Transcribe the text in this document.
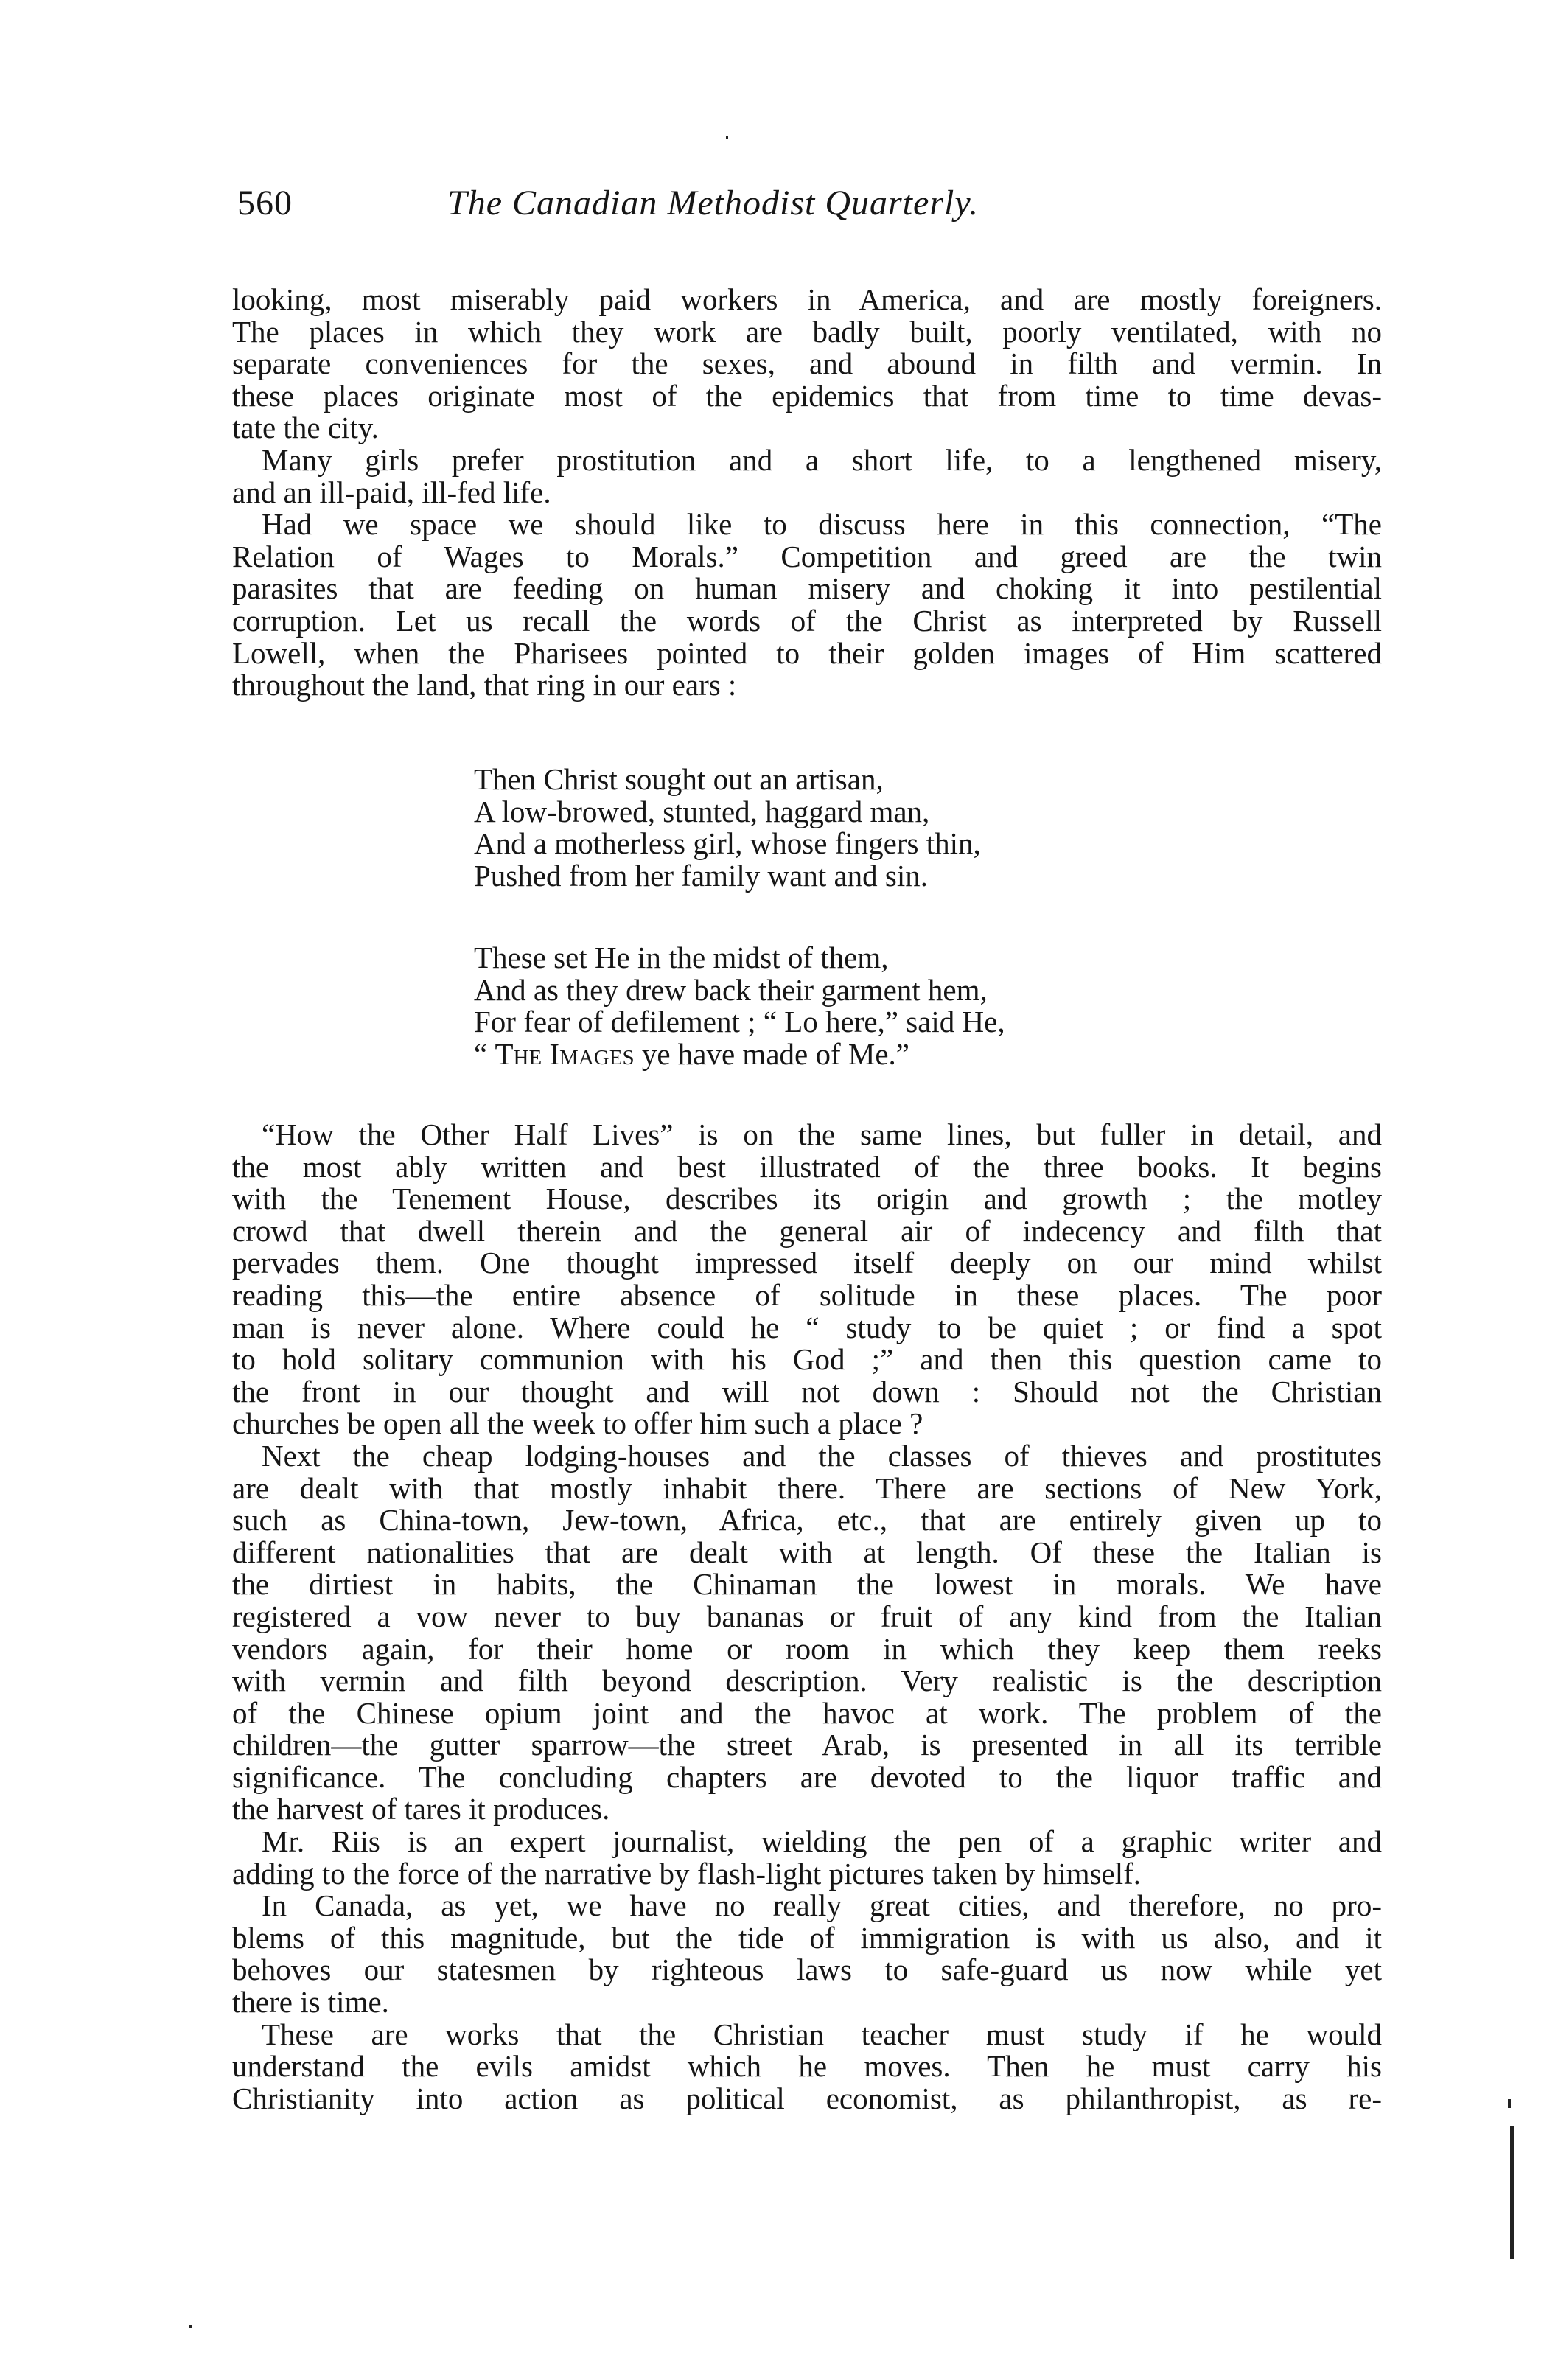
560	The Canadian Methodist Quarterly.
looking, most miserably paid workers in America, and are mostly foreigners.
The places in which they work are badly built, poorly ventilated, with no
separate conveniences for the sexes, and abound in filth and vermin. In
these places originate most of the epidemics that from time to time devas-
tate the city.
Many girls prefer prostitution and a short life, to a lengthened misery,
and an ill-paid, ill-fed life.
Had we space we should like to discuss here in this connection, “The
Relation of Wages to Morals.” Competition and greed are the twin
parasites that are feeding on human misery and choking it into pestilential
corruption. Let us recall the words of the Christ as interpreted by Russell
Lowell, when the Pharisees pointed to their golden images of Him scattered
throughout the land, that ring in our ears :
Then Christ sought out an artisan,
A low-browed, stunted, haggard man,
And a motherless girl, whose fingers thin,
Pushed from her family want and sin.
These set He in the midst of them,
And as they drew back their garment hem,
For fear of defilement ; “ Lo here,” said He,
“ The Images ye have made of Me.”
“How the Other Half Lives” is on the same lines, but fuller in detail, and
the most ably written and best illustrated of the three books. It begins
with the Tenement House, describes its origin and growth ; the motley
crowd that dwell therein and the general air of indecency and filth that
pervades them. One thought impressed itself deeply on our mind whilst
reading this—the entire absence of solitude in these places. The poor
man is never alone. Where could he “ study to be quiet ; or find a spot
to hold solitary communion with his God ;” and then this question came to
the front in our thought and will not down : Should not the Christian
churches be open all the week to offer him such a place ?
Next the cheap lodging-houses and the classes of thieves and prostitutes
are dealt with that mostly inhabit there. There are sections of New York,
such as China-town, Jew-town, Africa, etc., that are entirely given up to
different nationalities that are dealt with at length. Of these the Italian is
the dirtiest in habits, the Chinaman the lowest in morals. We have
registered a vow never to buy bananas or fruit of any kind from the Italian
vendors again, for their home or room in which they keep them reeks
with vermin and filth beyond description. Very realistic is the description
of the Chinese opium joint and the havoc at work. The problem of the
children—the gutter sparrow—the street Arab, is presented in all its terrible
significance. The concluding chapters are devoted to the liquor traffic and
the harvest of tares it produces.
Mr. Riis is an expert journalist, wielding the pen of a graphic writer and
adding to the force of the narrative by flash-light pictures taken by himself.
In Canada, as yet, we have no really great cities, and therefore, no pro-
blems of this magnitude, but the tide of immigration is with us also, and it
behoves our statesmen by righteous laws to safe-guard us now while yet
there is time.
These are works that the Christian teacher must study if he would
understand the evils amidst which he moves. Then he must carry his
Christianity into action as political economist, as philanthropist, as re-
